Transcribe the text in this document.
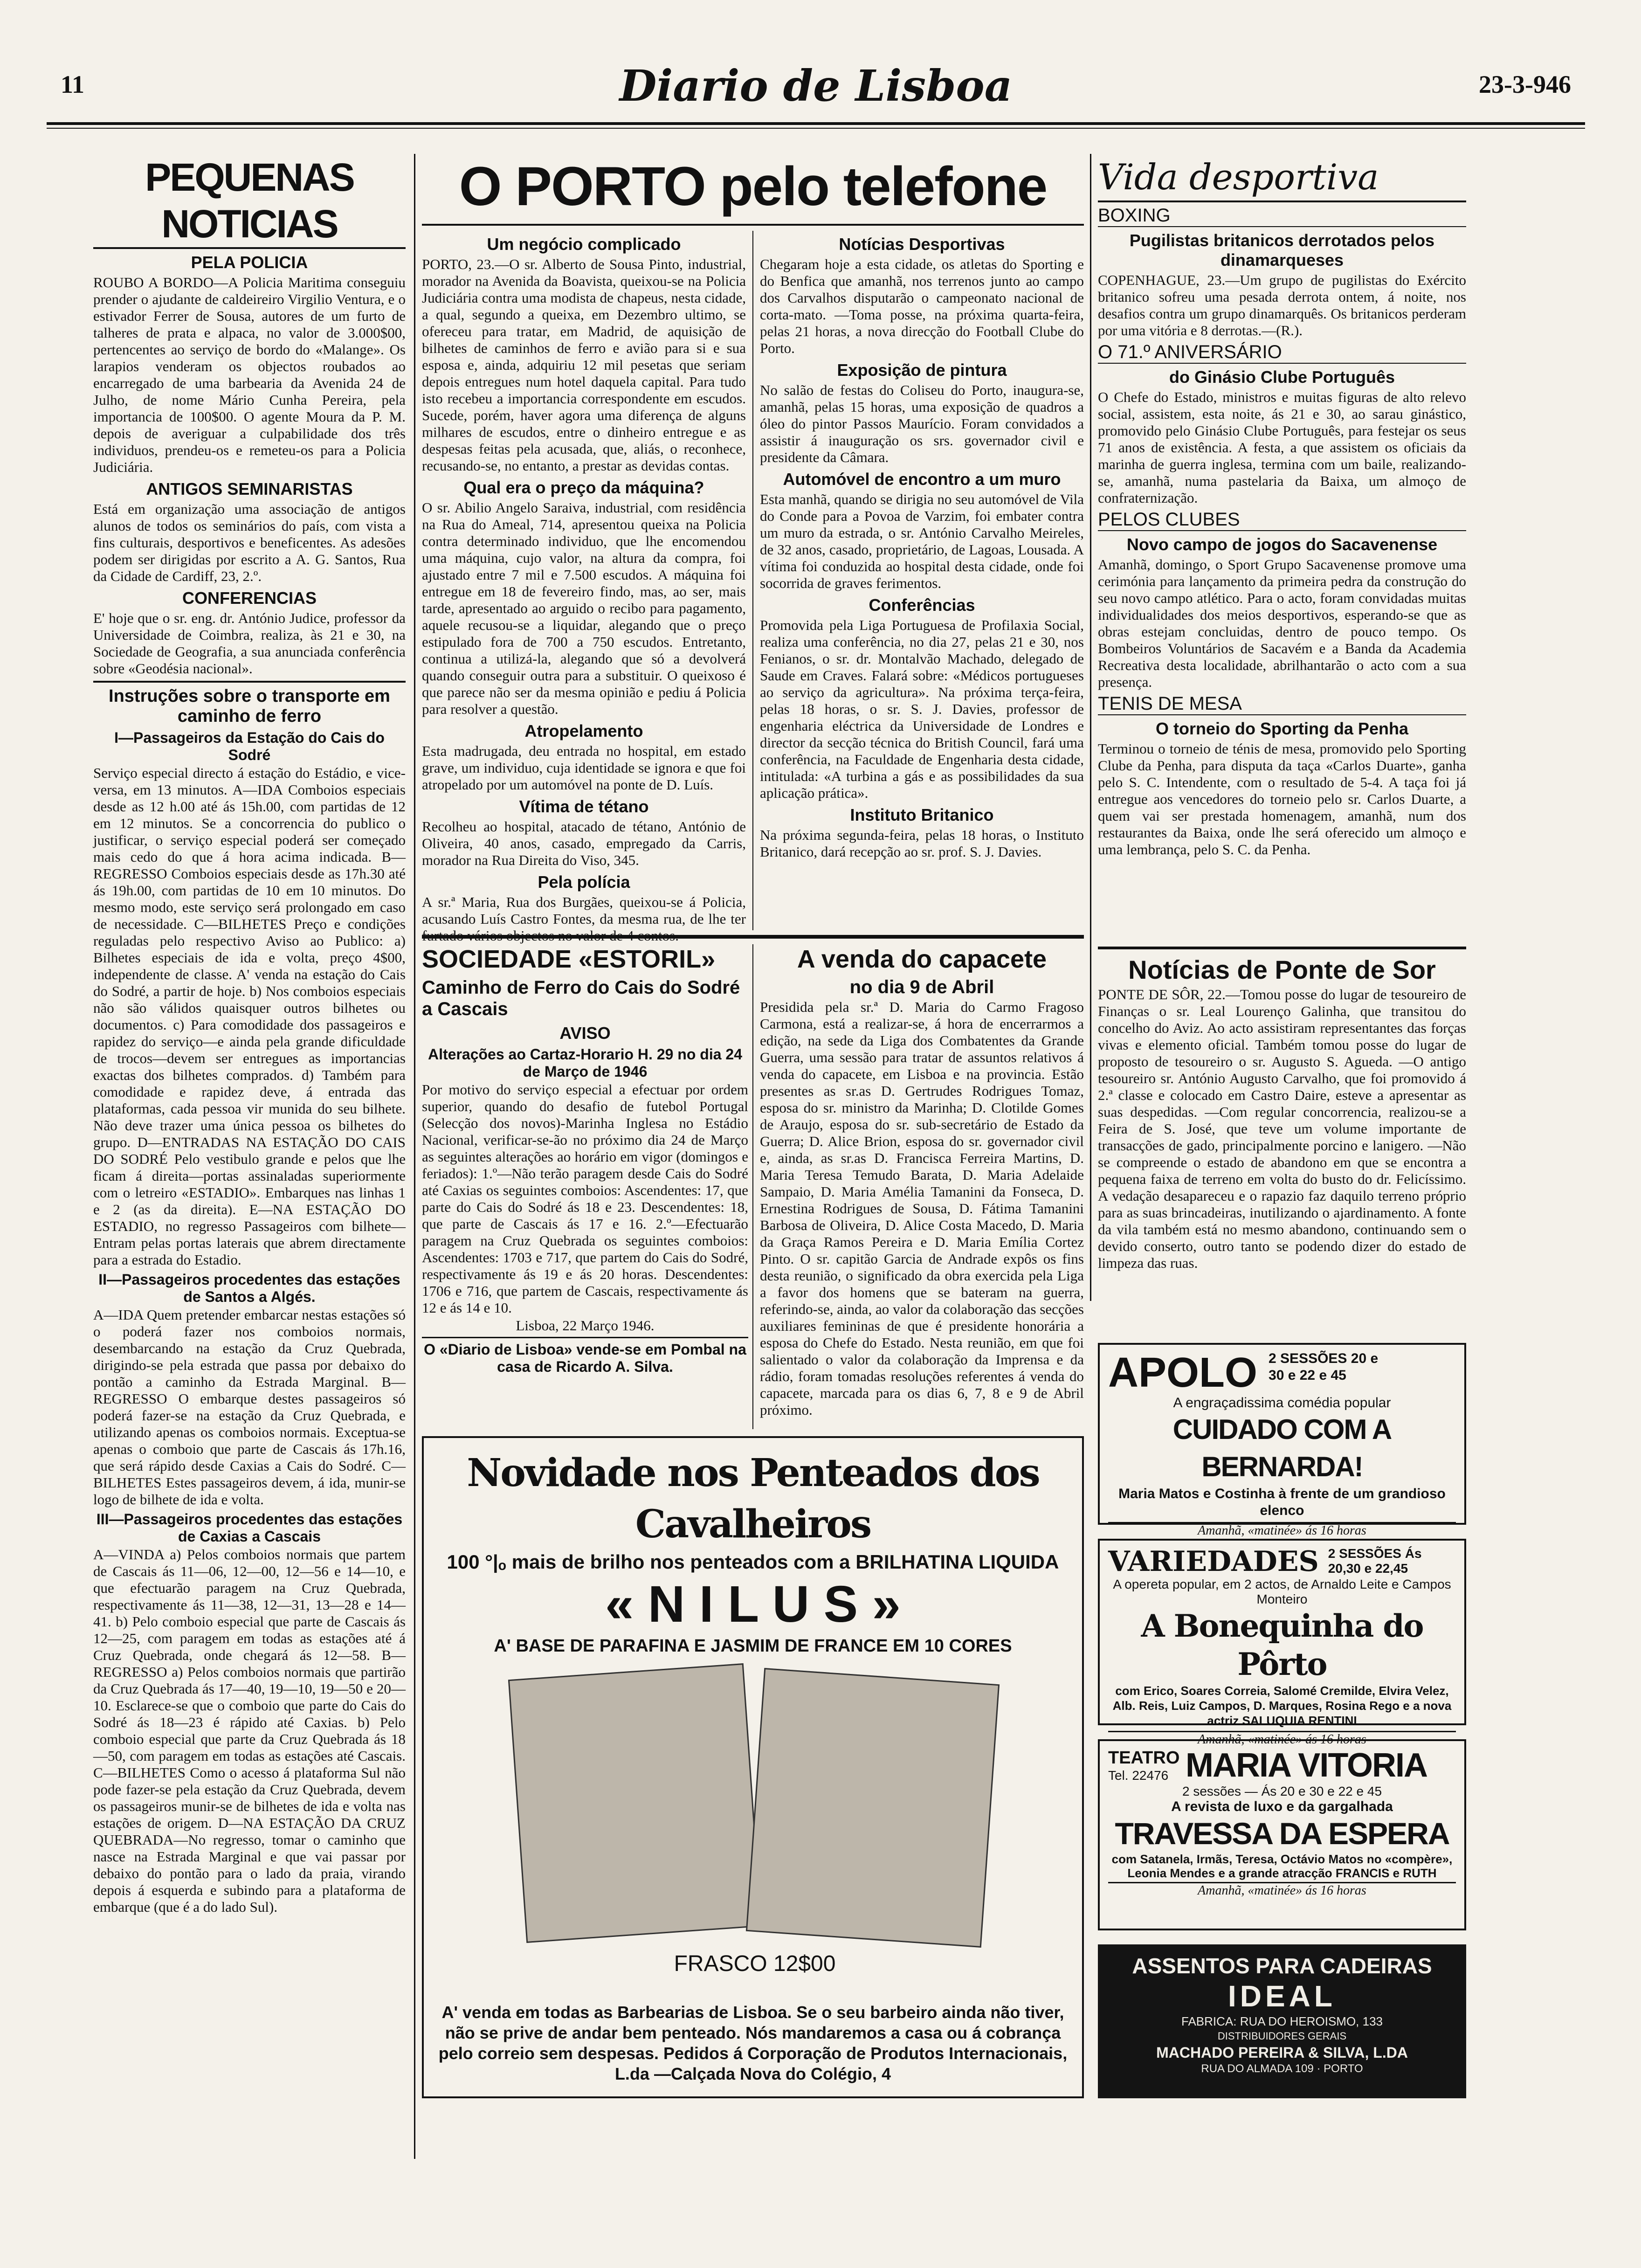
11	Diario de Lisboa	23-3-946
PEQUENAS NOTICIAS
PELA POLICIA

ROUBO A BORDO—A Policia Maritima conseguiu prender o ajudante de caldeireiro Virgilio Ventura, e o estivador Ferrer de Sousa, autores de um furto de talheres de prata e alpaca, no valor de 3.000$00, pertencentes ao serviço de bordo do «Malange». Os larapios venderam os objectos roubados ao encarregado de uma barbearia da Avenida 24 de Julho, de nome Mário Cunha Pereira, pela importancia de 100$00. O agente Moura da P. M. depois de averiguar a culpabilidade dos três individuos, prendeu-os e remeteu-os para a Policia Judiciária.

ANTIGOS SEMINARISTAS

Está em organização uma associação de antigos alunos de todos os seminários do país, com vista a fins culturais, desportivos e beneficentes. As adesões podem ser dirigidas por escrito a A. G. Santos, Rua da Cidade de Cardiff, 23, 2.º.

CONFERENCIAS

E' hoje que o sr. eng. dr. António Judice, professor da Universidade de Coimbra, realiza, às 21 e 30, na Sociedade de Geografia, a sua anunciada conferência sobre «Geodésia nacional».

Instruções sobre o transporte em caminho de ferro
I—Passageiros da Estação do Cais do Sodré

Serviço especial directo á estação do Estádio, e vice-versa, em 13 minutos. A—IDA Comboios especiais desde as 12 h.00 até ás 15h.00, com partidas de 12 em 12 minutos. Se a concorrencia do publico o justificar, o serviço especial poderá ser começado mais cedo do que á hora acima indicada. B—REGRESSO Comboios especiais desde as 17h.30 até ás 19h.00, com partidas de 10 em 10 minutos. Do mesmo modo, este serviço será prolongado em caso de necessidade. C—BILHETES Preço e condições reguladas pelo respectivo Aviso ao Publico: a) Bilhetes especiais de ida e volta, preço 4$00, independente de classe. A' venda na estação do Cais do Sodré, a partir de hoje. b) Nos comboios especiais não são válidos quaisquer outros bilhetes ou documentos. c) Para comodidade dos passageiros e rapidez do serviço—e ainda pela grande dificuldade de trocos—devem ser entregues as importancias exactas dos bilhetes comprados. d) Também para comodidade e rapidez deve, á entrada das plataformas, cada pessoa vir munida do seu bilhete. Não deve trazer uma única pessoa os bilhetes do grupo. D—ENTRADAS NA ESTAÇÃO DO CAIS DO SODRÉ Pelo vestibulo grande e pelos que lhe ficam á direita—portas assinaladas superiormente com o letreiro «ESTADIO». Embarques nas linhas 1 e 2 (as da direita). E—NA ESTAÇÃO DO ESTADIO, no regresso Passageiros com bilhete—Entram pelas portas laterais que abrem directamente para a estrada do Estadio.

II—Passageiros procedentes das estações de Santos a Algés.

A—IDA Quem pretender embarcar nestas estações só o poderá fazer nos comboios normais, desembarcando na estação da Cruz Quebrada, dirigindo-se pela estrada que passa por debaixo do pontão a caminho da Estrada Marginal. B—REGRESSO O embarque destes passageiros só poderá fazer-se na estação da Cruz Quebrada, e utilizando apenas os comboios normais. Exceptua-se apenas o comboio que parte de Cascais ás 17h.16, que será rápido desde Caxias a Cais do Sodré. C—BILHETES Estes passageiros devem, á ida, munir-se logo de bilhete de ida e volta.

III—Passageiros procedentes das estações de Caxias a Cascais

A—VINDA a) Pelos comboios normais que partem de Cascais ás 11—06, 12—00, 12—56 e 14—10, e que efectuarão paragem na Cruz Quebrada, respectivamente ás 11—38, 12—31, 13—28 e 14—41. b) Pelo comboio especial que parte de Cascais ás 12—25, com paragem em todas as estações até á Cruz Quebrada, onde chegará ás 12—58. B—REGRESSO a) Pelos comboios normais que partirão da Cruz Quebrada ás 17—40, 19—10, 19—50 e 20—10. Esclarece-se que o comboio que parte do Cais do Sodré ás 18—23 é rápido até Caxias. b) Pelo comboio especial que parte da Cruz Quebrada ás 18—50, com paragem em todas as estações até Cascais. C—BILHETES Como o acesso á plataforma Sul não pode fazer-se pela estação da Cruz Quebrada, devem os passageiros munir-se de bilhetes de ida e volta nas estações de origem. D—NA ESTAÇÃO DA CRUZ QUEBRADA—No regresso, tomar o caminho que nasce na Estrada Marginal e que vai passar por debaixo do pontão para o lado da praia, virando depois á esquerda e subindo para a plataforma de embarque (que é a do lado Sul).

O PORTO pelo telefone
Um negócio complicado

PORTO, 23.—O sr. Alberto de Sousa Pinto, industrial, morador na Avenida da Boavista, queixou-se na Policia Judiciária contra uma modista de chapeus, nesta cidade, a qual, segundo a queixa, em Dezembro ultimo, se ofereceu para tratar, em Madrid, de aquisição de bilhetes de caminhos de ferro e avião para si e sua esposa e, ainda, adquiriu 12 mil pesetas que seriam depois entregues num hotel daquela capital. Para tudo isto recebeu a importancia correspondente em escudos. Sucede, porém, haver agora uma diferença de alguns milhares de escudos, entre o dinheiro entregue e as despesas feitas pela acusada, que, aliás, o reconhece, recusando-se, no entanto, a prestar as devidas contas.

Qual era o preço da máquina?

O sr. Abilio Angelo Saraiva, industrial, com residência na Rua do Ameal, 714, apresentou queixa na Policia contra determinado individuo, que lhe encomendou uma máquina, cujo valor, na altura da compra, foi ajustado entre 7 mil e 7.500 escudos. A máquina foi entregue em 18 de fevereiro findo, mas, ao ser, mais tarde, apresentado ao arguido o recibo para pagamento, aquele recusou-se a liquidar, alegando que o preço estipulado fora de 700 a 750 escudos. Entretanto, continua a utilizá-la, alegando que só a devolverá quando conseguir outra para a substituir. O queixoso é que parece não ser da mesma opinião e pediu á Policia para resolver a questão.

Atropelamento

Esta madrugada, deu entrada no hospital, em estado grave, um individuo, cuja identidade se ignora e que foi atropelado por um automóvel na ponte de D. Luís.

Vítima de tétano

Recolheu ao hospital, atacado de tétano, António de Oliveira, 40 anos, casado, empregado da Carris, morador na Rua Direita do Viso, 345.

Pela polícia

A sr.ª Maria, Rua dos Burgães, queixou-se á Policia, acusando Luís Castro Fontes, da mesma rua, de lhe ter

Notícias Desportivas

Chegaram hoje a esta cidade, os atletas do Sporting e do Benfica que amanhã, nos terrenos junto ao campo dos Carvalhos disputarão o campeonato nacional de corta-mato. —Toma posse, na próxima quarta-feira, pelas 21 horas, a nova direcção do Football Clube do Porto.

Exposição de pintura

No salão de festas do Coliseu do Porto, inaugura-se, amanhã, pelas 15 horas, uma exposição de quadros a óleo do pintor Passos Maurício. Foram convidados a assistir á inauguração os srs. governador civil e presidente da Câmara.

Automóvel de encontro a um muro

Esta manhã, quando se dirigia no seu automóvel de Vila do Conde para a Povoa de Varzim, foi embater contra um muro da estrada, o sr. António Carvalho Meireles, de 32 anos, casado, proprietário, de Lagoas, Lousada. A vítima foi conduzida ao hospital desta cidade, onde foi socorrida de graves ferimentos.

Conferências

Promovida pela Liga Portuguesa de Profilaxia Social, realiza uma conferência, no dia 27, pelas 21 e 30, nos Fenianos, o sr. dr. Montalvão Machado, delegado de Saude em Craves. Falará sobre: «Médicos portugueses ao serviço da agricultura». Na próxima terça-feira, pelas 18 horas, o sr. S. J. Davies, professor de engenharia eléctrica da Universidade de Londres e director da secção técnica do British Council, fará uma conferência, na Faculdade de Engenharia desta cidade, intitulada: «A turbina a gás e as possibilidades da sua aplicação prática».

Instituto Britanico

Na próxima segunda-feira, pelas 18 horas, o Instituto Britanico, dará recepção ao sr. prof. S. J. Davies.

SOCIEDADE «ESTORIL»
Caminho de Ferro do Cais do Sodré a Cascais
AVISO
Alterações ao Cartaz-Horario H. 29 no dia 24 de Março de 1946

Por motivo do serviço especial a efectuar por ordem superior, quando do desafio de futebol Portugal (Selecção dos novos)-Marinha Inglesa no Estádio Nacional, verificar-se-ão no próximo dia 24 de Março as seguintes alterações ao horário em vigor (domingos e feriados): 1.º—Não terão paragem desde Cais do Sodré até Caxias os seguintes comboios: Ascendentes: 17, que parte do Cais do Sodré ás 18 e 23. Descendentes: 18, que parte de Cascais ás 17 e 16. 2.º—Efectuarão paragem na Cruz Quebrada os seguintes comboios: Ascendentes: 1703 e 717, que partem do Cais do Sodré, respectivamente ás 19 e ás 20 horas. Descendentes: 1706 e 716, que partem de Cascais, respectivamente ás 12 e ás 14 e 10.

Lisboa, 22 Março 1946.

O «Diario de Lisboa» vende-se em Pombal na casa de Ricardo A. Silva.
A venda do capacete
no dia 9 de Abril

Presidida pela sr.ª D. Maria do Carmo Fragoso Carmona, está a realizar-se, á hora de encerrarmos a edição, na sede da Liga dos Combatentes da Grande Guerra, uma sessão para tratar de assuntos relativos á venda do capacete, em Lisboa e na provincia. Estão presentes as sr.as D. Gertrudes Rodrigues Tomaz, esposa do sr. ministro da Marinha; D. Clotilde Gomes de Araujo, esposa do sr. sub-secretário de Estado da Guerra; D. Alice Brion, esposa do sr. governador civil e, ainda, as sr.as D. Francisca Ferreira Martins, D. Maria Teresa Temudo Barata, D. Maria Adelaide Sampaio, D. Maria Amélia Tamanini da Fonseca, D. Ernestina Rodrigues de Sousa, D. Fátima Tamanini Barbosa de Oliveira, D. Alice Costa Macedo, D. Maria da Graça Ramos Pereira e D. Maria Emília Cortez Pinto. O sr. capitão Garcia de Andrade expôs os fins desta reunião, o significado da obra exercida pela Liga a favor dos homens que se bateram na guerra, referindo-se, ainda, ao valor da colaboração das secções auxiliares femininas de que é presidente honorária a esposa do Chefe do Estado. Nesta reunião, em que foi salientado o valor da colaboração da Imprensa e da rádio, foram tomadas resoluções referentes á venda do capacete, marcada para os dias 6, 7, 8 e 9 de Abril próximo.

Novidade nos Penteados dos Cavalheiros
100 °|ₒ mais de brilho nos penteados com a BRILHATINA LIQUIDA
« N I L U S »
A' BASE DE PARAFINA E JASMIM DE FRANCE EM 10 CORES
FRASCO 12$00
A' venda em todas as Barbearias de Lisboa. Se o seu barbeiro ainda não tiver, não se prive de andar bem penteado. Nós mandaremos a casa ou á cobrança pelo correio sem despesas. Pedidos á Corporação de Produtos Internacionais, L.da —Calçada Nova do Colégio, 4
Vida desportiva
BOXING
Pugilistas britanicos derrotados pelos dinamarqueses

COPENHAGUE, 23.—Um grupo de pugilistas do Exército britanico sofreu uma pesada derrota ontem, á noite, nos desafios contra um grupo dinamarquês. Os britanicos perderam por uma vitória e 8 derrotas.—(R.).

O 71.º ANIVERSÁRIO
do Ginásio Clube Português

O Chefe do Estado, ministros e muitas figuras de alto relevo social, assistem, esta noite, ás 21 e 30, ao sarau ginástico, promovido pelo Ginásio Clube Português, para festejar os seus 71 anos de existência. A festa, a que assistem os oficiais da marinha de guerra inglesa, termina com um baile, realizando-se, amanhã, numa pastelaria da Baixa, um almoço de confraternização.

PELOS CLUBES
Novo campo de jogos do Sacavenense

Amanhã, domingo, o Sport Grupo Sacavenense promove uma cerimónia para lançamento da primeira pedra da construção do seu novo campo atlético. Para o acto, foram convidadas muitas individualidades dos meios desportivos, esperando-se que as obras estejam concluidas, dentro de pouco tempo. Os Bombeiros Voluntários de Sacavém e a Banda da Academia Recreativa desta localidade, abrilhantarão o acto com a sua presença.

TENIS DE MESA
O torneio do Sporting da Penha

Terminou o torneio de ténis de mesa, promovido pelo Sporting Clube da Penha, para disputa da taça «Carlos Duarte», ganha pelo S. C. Intendente, com o resultado de 5-4. A taça foi já entregue aos vencedores do torneio pelo sr. Carlos Duarte, a quem vai ser prestada homenagem, amanhã, num dos restaurantes da Baixa, onde lhe será oferecido um almoço e uma lembrança, pelo S. C. da Penha.

Notícias de Ponte de Sor

PONTE DE SÔR, 22.—Tomou posse do lugar de tesoureiro de Finanças o sr. Leal Lourenço Galinha, que transitou do concelho do Aviz. Ao acto assistiram representantes das forças vivas e elemento oficial. Também tomou posse do lugar de proposto de tesoureiro o sr. Augusto S. Agueda. —O antigo tesoureiro sr. António Augusto Carvalho, que foi promovido á 2.ª classe e colocado em Castro Daire, esteve a apresentar as suas despedidas. —Com regular concorrencia, realizou-se a Feira de S. José, que teve um volume importante de transacções de gado, principalmente porcino e lanigero. —Não se compreende o estado de abandono em que se encontra a pequena faixa de terreno em volta do busto do dr. Felicíssimo. A vedação desapareceu e o rapazio faz daquilo terreno próprio para as suas brincadeiras, inutilizando o ajardinamento. A fonte da vila também está no mesmo abandono, continuando sem o devido conserto, outro tanto se podendo dizer do estado de limpeza das ruas.

APOLO 2 SESSÕES 20 e 30 e 22 e 45
A engraçadissima comédia popular
CUIDADO COM A BERNARDA!
Maria Matos e Costinha à frente de um grandioso elenco
Amanhã, «matinée» ás 16 horas
VARIEDADES 2 SESSÕES Ás 20,30 e 22,45
A opereta popular, em 2 actos, de Arnaldo Leite e Campos Monteiro
A Bonequinha do Pôrto
com Erico, Soares Correia, Salomé Cremilde, Elvira Velez, Alb. Reis, Luiz Campos, D. Marques, Rosina Rego e a nova actriz SALUQUIA RENTINI
Amanhã, «matinée» ás 16 horas
TEATRO
Tel. 22476 MARIA VITORIA
2 sessões — Ás 20 e 30 e 22 e 45
A revista de luxo e da gargalhada
TRAVESSA DA ESPERA
com Satanela, Irmãs, Teresa, Octávio Matos no «compère», Leonia Mendes e a grande atracção FRANCIS e RUTH
Amanhã, «matinée» ás 16 horas
ASSENTOS PARA CADEIRAS
IDEAL
FABRICA: RUA DO HEROISMO, 133
DISTRIBUIDORES GERAIS
MACHADO PEREIRA & SILVA, L.DA
RUA DO ALMADA 109 · PORTO
